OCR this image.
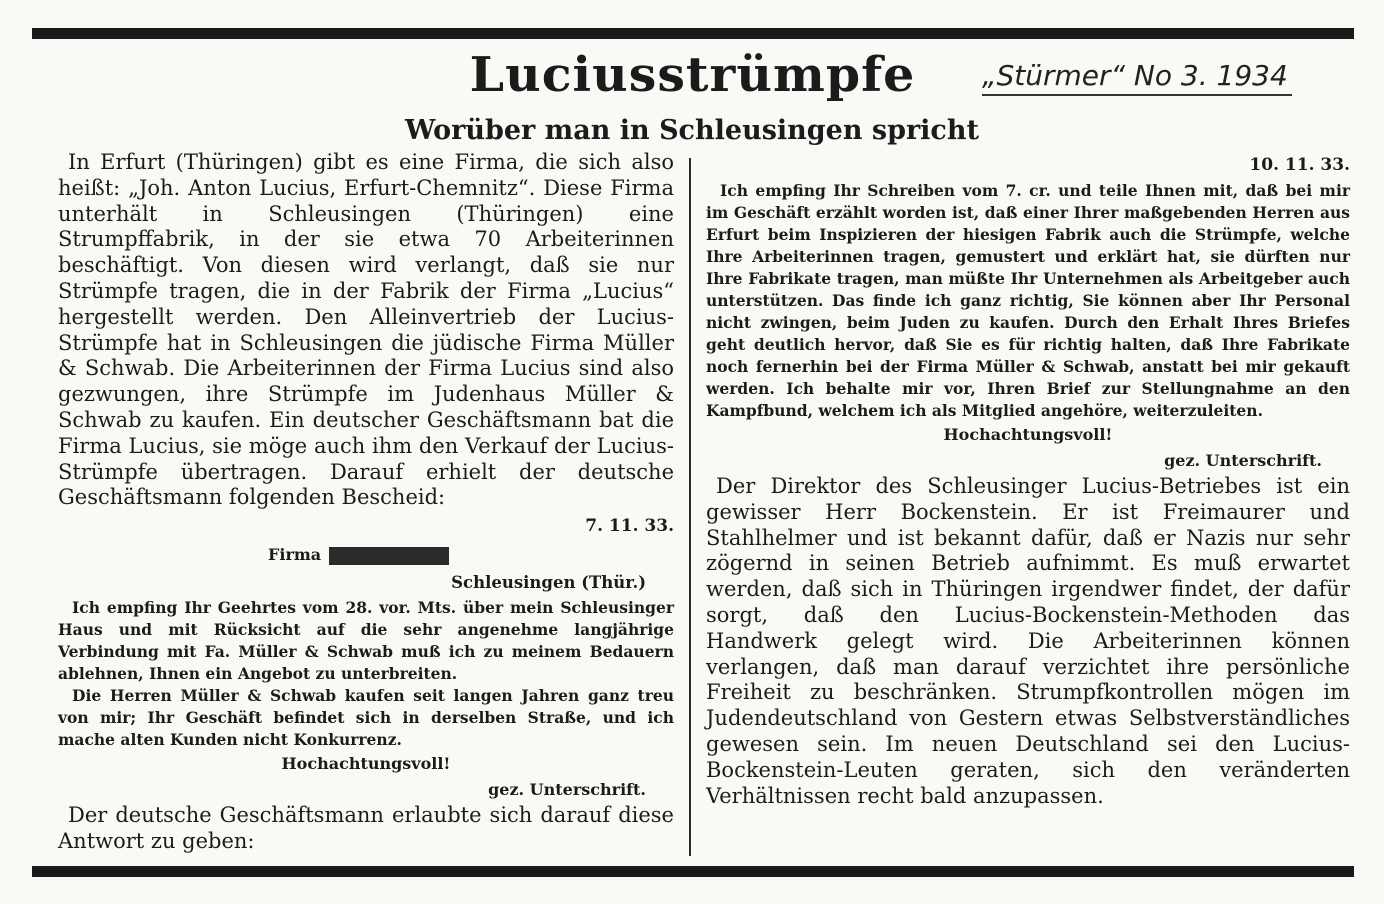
Luciusstrümpfe	„Stürmer“ No 3. 1934
Worüber man in Schleusingen spricht

In Erfurt (Thüringen) gibt es eine Firma, die sich also heißt: „Joh. Anton Lucius, Erfurt-Chemnitz“. Diese Firma unterhält in Schleusingen (Thüringen) eine Strumpffabrik, in der sie etwa 70 Arbeiterinnen beschäftigt. Von diesen wird verlangt, daß sie nur Strümpfe tragen, die in der Fabrik der Firma „Lucius“ hergestellt werden. Den Alleinvertrieb der Lucius-Strümpfe hat in Schleusingen die jüdische Firma Müller & Schwab. Die Arbeiterinnen der Firma Lucius sind also gezwungen, ihre Strümpfe im Judenhaus Müller & Schwab zu kaufen. Ein deutscher Geschäftsmann bat die Firma Lucius, sie möge auch ihm den Verkauf der Lucius-Strümpfe übertragen. Darauf erhielt der deutsche Geschäftsmann folgenden Bescheid:

7. 11. 33.

Firma

Schleusingen (Thür.)

Ich empfing Ihr Geehrtes vom 28. vor. Mts. über mein Schleusinger Haus und mit Rücksicht auf die sehr angenehme langjährige Verbindung mit Fa. Müller & Schwab muß ich zu meinem Bedauern ablehnen, Ihnen ein Angebot zu unterbreiten.

Die Herren Müller & Schwab kaufen seit langen Jahren ganz treu von mir; Ihr Geschäft befindet sich in derselben Straße, und ich mache alten Kunden nicht Konkurrenz.

Hochachtungsvoll!

gez. Unterschrift.

Der deutsche Geschäftsmann erlaubte sich darauf diese Antwort zu geben:

10. 11. 33.

Ich empfing Ihr Schreiben vom 7. cr. und teile Ihnen mit, daß bei mir im Geschäft erzählt worden ist, daß einer Ihrer maßgebenden Herren aus Erfurt beim Inspizieren der hiesigen Fabrik auch die Strümpfe, welche Ihre Arbeiterinnen tragen, gemustert und erklärt hat, sie dürften nur Ihre Fabrikate tragen, man müßte Ihr Unternehmen als Arbeitgeber auch unterstützen. Das finde ich ganz richtig, Sie können aber Ihr Personal nicht zwingen, beim Juden zu kaufen. Durch den Erhalt Ihres Briefes geht deutlich hervor, daß Sie es für richtig halten, daß Ihre Fabrikate noch fernerhin bei der Firma Müller & Schwab, anstatt bei mir gekauft werden. Ich behalte mir vor, Ihren Brief zur Stellungnahme an den Kampfbund, welchem ich als Mitglied angehöre, weiterzuleiten.

Hochachtungsvoll!

gez. Unterschrift.

Der Direktor des Schleusinger Lucius-Betriebes ist ein gewisser Herr Bockenstein. Er ist Freimaurer und Stahlhelmer und ist bekannt dafür, daß er Nazis nur sehr zögernd in seinen Betrieb aufnimmt. Es muß erwartet werden, daß sich in Thüringen irgendwer findet, der dafür sorgt, daß den Lucius-Bockenstein-Methoden das Handwerk gelegt wird. Die Arbeiterinnen können verlangen, daß man darauf verzichtet ihre persönliche Freiheit zu beschränken. Strumpfkontrollen mögen im Judendeutschland von Gestern etwas Selbstverständliches gewesen sein. Im neuen Deutschland sei den Lucius-Bockenstein-Leuten geraten, sich den veränderten Verhältnissen recht bald anzupassen.
